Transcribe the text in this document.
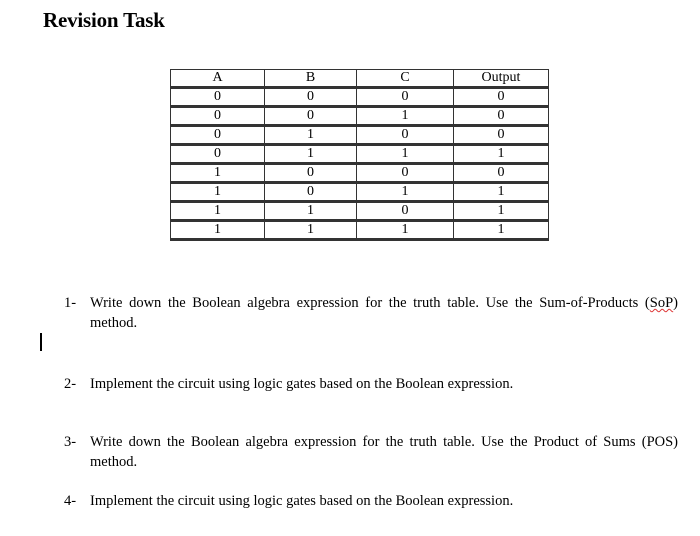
Revision Task
A	B	C	Output
0	0	0	0
0	0	1	0
0	1	0	0
0	1	1	1
1	0	0	0
1	0	1	1
1	1	0	1
1	1	1	1
1- Write down the Boolean algebra expression for the truth table. Use the Sum-of-Products (SoP) method.
2- Implement the circuit using logic gates based on the Boolean expression.
3- Write down the Boolean algebra expression for the truth table. Use the Product of Sums (POS) method.
4- Implement the circuit using logic gates based on the Boolean expression.
